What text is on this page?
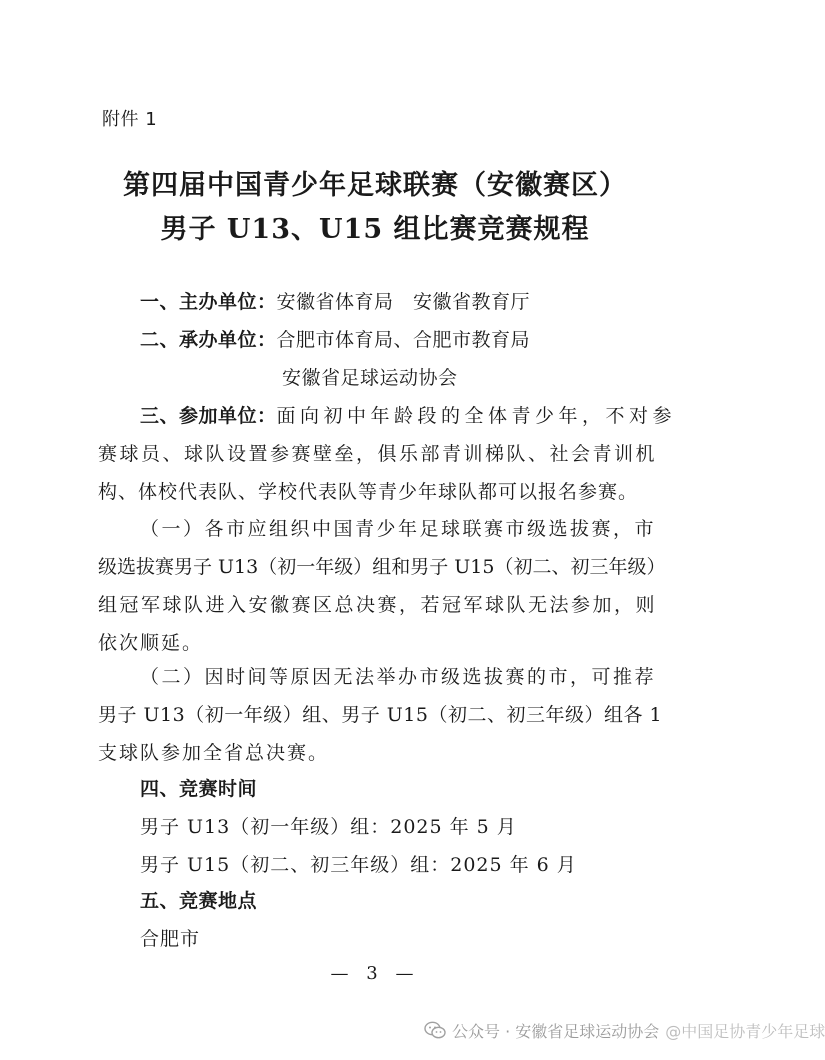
附件 1
第四届中国青少年足球联赛（安徽赛区）
男子 U13、U15 组比赛竞赛规程
一、主办单位：安徽省体育局　安徽省教育厅
二、承办单位：合肥市体育局、合肥市教育局
安徽省足球运动协会
三、参加单位：面向初中年龄段的全体青少年，不对参
赛球员、球队设置参赛壁垒，俱乐部青训梯队、社会青训机
构、体校代表队、学校代表队等青少年球队都可以报名参赛。
（一）各市应组织中国青少年足球联赛市级选拔赛，市
级选拔赛男子 U13（初一年级）组和男子 U15（初二、初三年级）
组冠军球队进入安徽赛区总决赛，若冠军球队无法参加，则
依次顺延。
（二）因时间等原因无法举办市级选拔赛的市，可推荐
男子 U13（初一年级）组、男子 U15（初二、初三年级）组各 1
支球队参加全省总决赛。
四、竞赛时间
男子 U13（初一年级）组：2025 年 5 月
男子 U15（初二、初三年级）组：2025 年 6 月
五、竞赛地点
合肥市
— 3 —
公众号 · 安徽省足球运动协会 @中国足协青少年足球
